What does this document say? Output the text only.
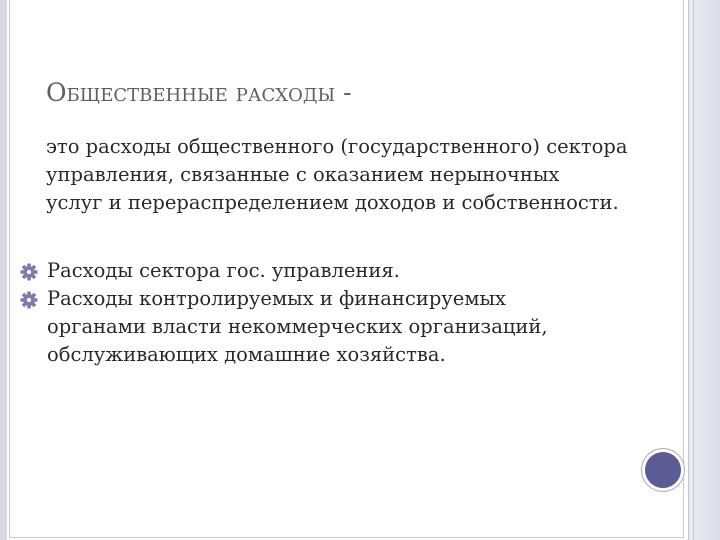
Общественные расходы -

это расходы общественного (государственного) сектора

управления, связанные с оказанием нерыночных

услуг и перераспределением доходов и собственности.

Расходы сектора гос. управления.
Расходы контролируемых и финансируемых
органами власти некоммерческих организаций,
обслуживающих домашние хозяйства.
